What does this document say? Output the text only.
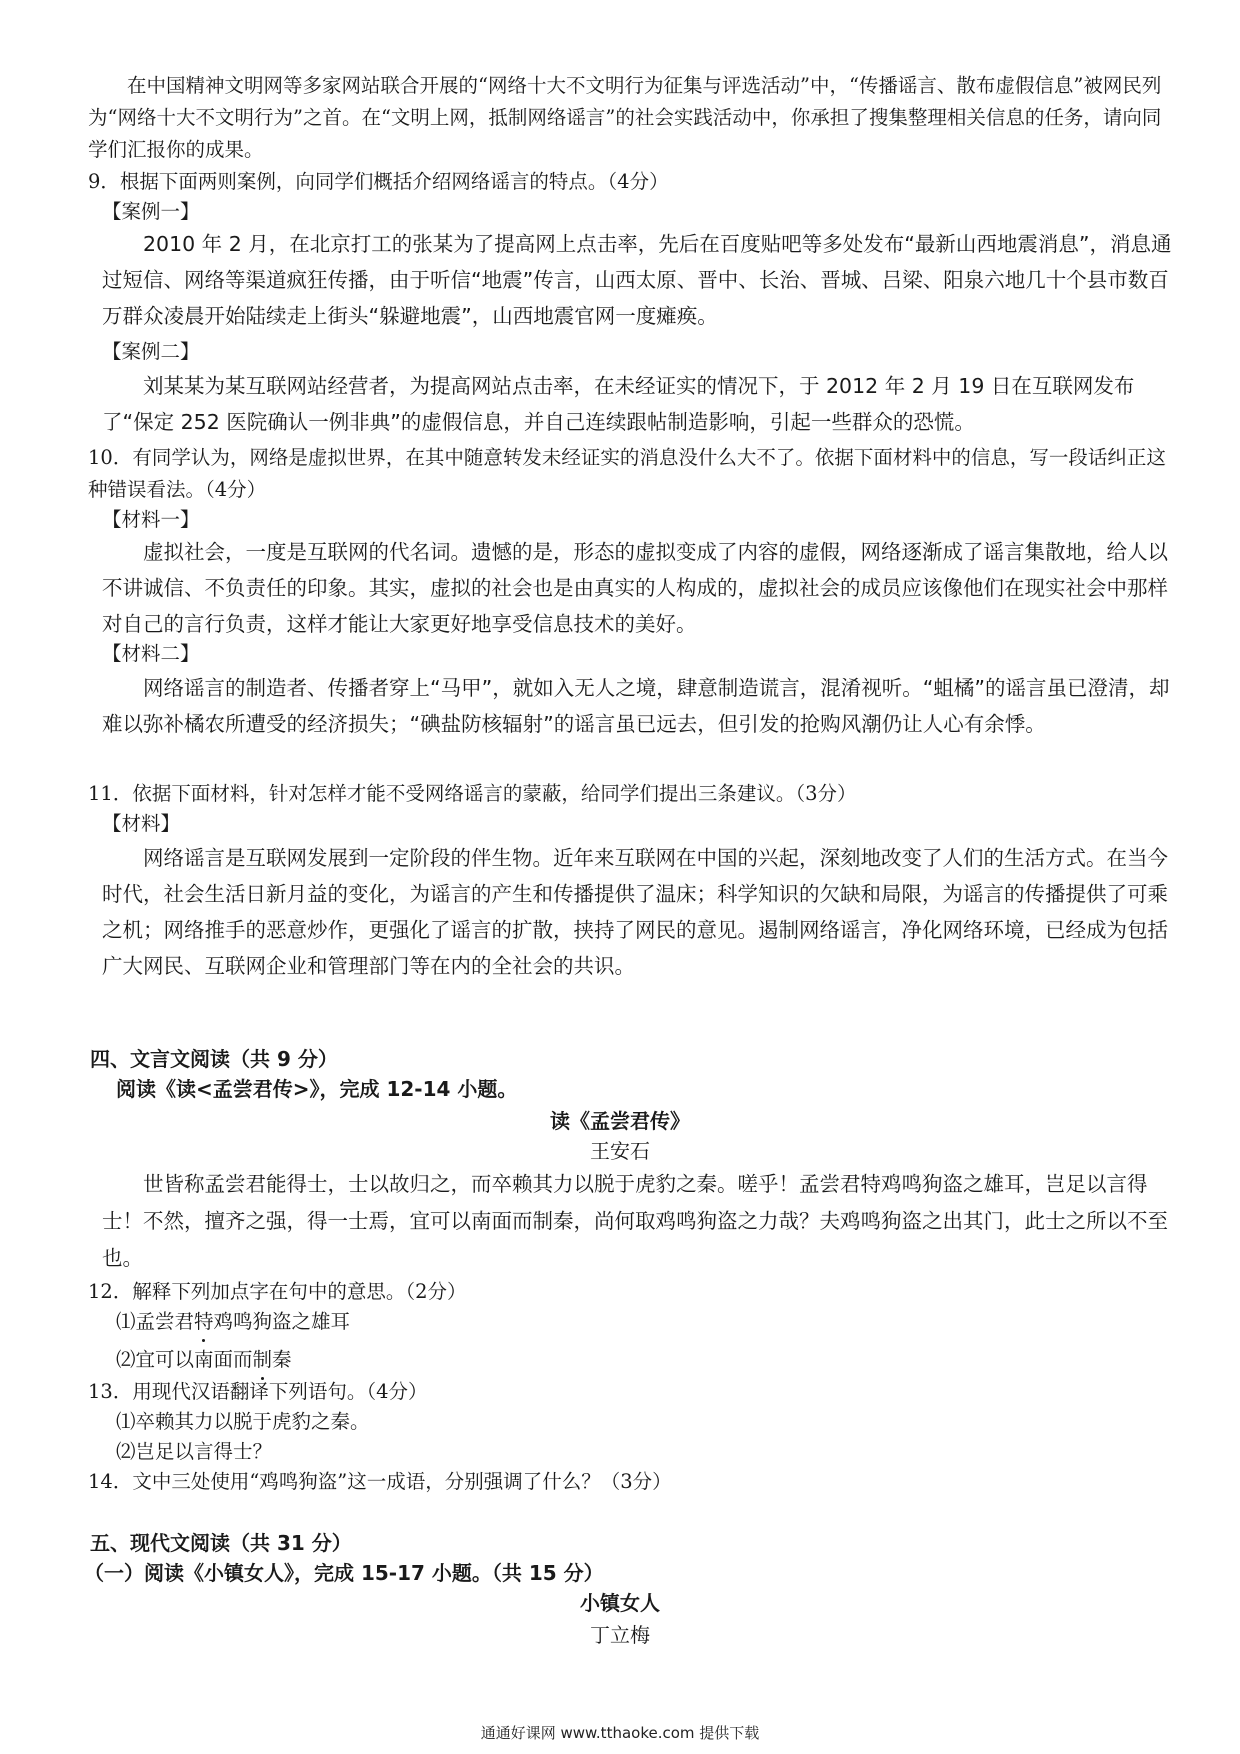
在中国精神文明网等多家网站联合开展的“网络十大不文明行为征集与评选活动”中，“传播谣言、散布虚假信息”被网民列为“网络十大不文明行为”之首。在“文明上网，抵制网络谣言”的社会实践活动中，你承担了搜集整理相关信息的任务，请向同学们汇报你的成果。

9．根据下面两则案例，向同学们概括介绍网络谣言的特点。（4分）

【案例一】

2010 年 2 月，在北京打工的张某为了提高网上点击率，先后在百度贴吧等多处发布“最新山西地震消息”，消息通过短信、网络等渠道疯狂传播，由于听信“地震”传言，山西太原、晋中、长治、晋城、吕梁、阳泉六地几十个县市数百万群众凌晨开始陆续走上街头“躲避地震”，山西地震官网一度瘫痪。

【案例二】

刘某某为某互联网站经营者，为提高网站点击率，在未经证实的情况下，于 2012 年 2 月 19 日在互联网发布了“保定 252 医院确认一例非典”的虚假信息，并自己连续跟帖制造影响，引起一些群众的恐慌。

10．有同学认为，网络是虚拟世界，在其中随意转发未经证实的消息没什么大不了。依据下面材料中的信息，写一段话纠正这种错误看法。（4分）

【材料一】

虚拟社会，一度是互联网的代名词。遗憾的是，形态的虚拟变成了内容的虚假，网络逐渐成了谣言集散地，给人以不讲诚信、不负责任的印象。其实，虚拟的社会也是由真实的人构成的，虚拟社会的成员应该像他们在现实社会中那样对自己的言行负责，这样才能让大家更好地享受信息技术的美好。

【材料二】

网络谣言的制造者、传播者穿上“马甲”，就如入无人之境，肆意制造谎言，混淆视听。“蛆橘”的谣言虽已澄清，却难以弥补橘农所遭受的经济损失；“碘盐防核辐射”的谣言虽已远去，但引发的抢购风潮仍让人心有余悸。

11．依据下面材料，针对怎样才能不受网络谣言的蒙蔽，给同学们提出三条建议。（3分）

【材料】

网络谣言是互联网发展到一定阶段的伴生物。近年来互联网在中国的兴起，深刻地改变了人们的生活方式。在当今时代，社会生活日新月益的变化，为谣言的产生和传播提供了温床；科学知识的欠缺和局限，为谣言的传播提供了可乘之机；网络推手的恶意炒作，更强化了谣言的扩散，挟持了网民的意见。遏制网络谣言，净化网络环境，已经成为包括广大网民、互联网企业和管理部门等在内的全社会的共识。

四、文言文阅读（共 9 分）

阅读《读<孟尝君传>》，完成 12-14 小题。

读《孟尝君传》

王安石

世皆称孟尝君能得士，士以故归之，而卒赖其力以脱于虎豹之秦。嗟乎！孟尝君特鸡鸣狗盗之雄耳，岂足以言得士！不然，擅齐之强，得一士焉，宜可以南面而制秦，尚何取鸡鸣狗盗之力哉？夫鸡鸣狗盗之出其门，此士之所以不至也。

12．解释下列加点字在句中的意思。（2分）

⑴孟尝君特鸡鸣狗盗之雄耳

⑵宜可以南面而制秦

13．用现代汉语翻译下列语句。（4分）

⑴卒赖其力以脱于虎豹之秦。

⑵岂足以言得士？

14．文中三处使用“鸡鸣狗盗”这一成语，分别强调了什么？（3分）

五、现代文阅读（共 31 分）

（一）阅读《小镇女人》，完成 15-17 小题。（共 15 分）

小镇女人

丁立梅

通通好课网 www.tthaoke.com 提供下载
